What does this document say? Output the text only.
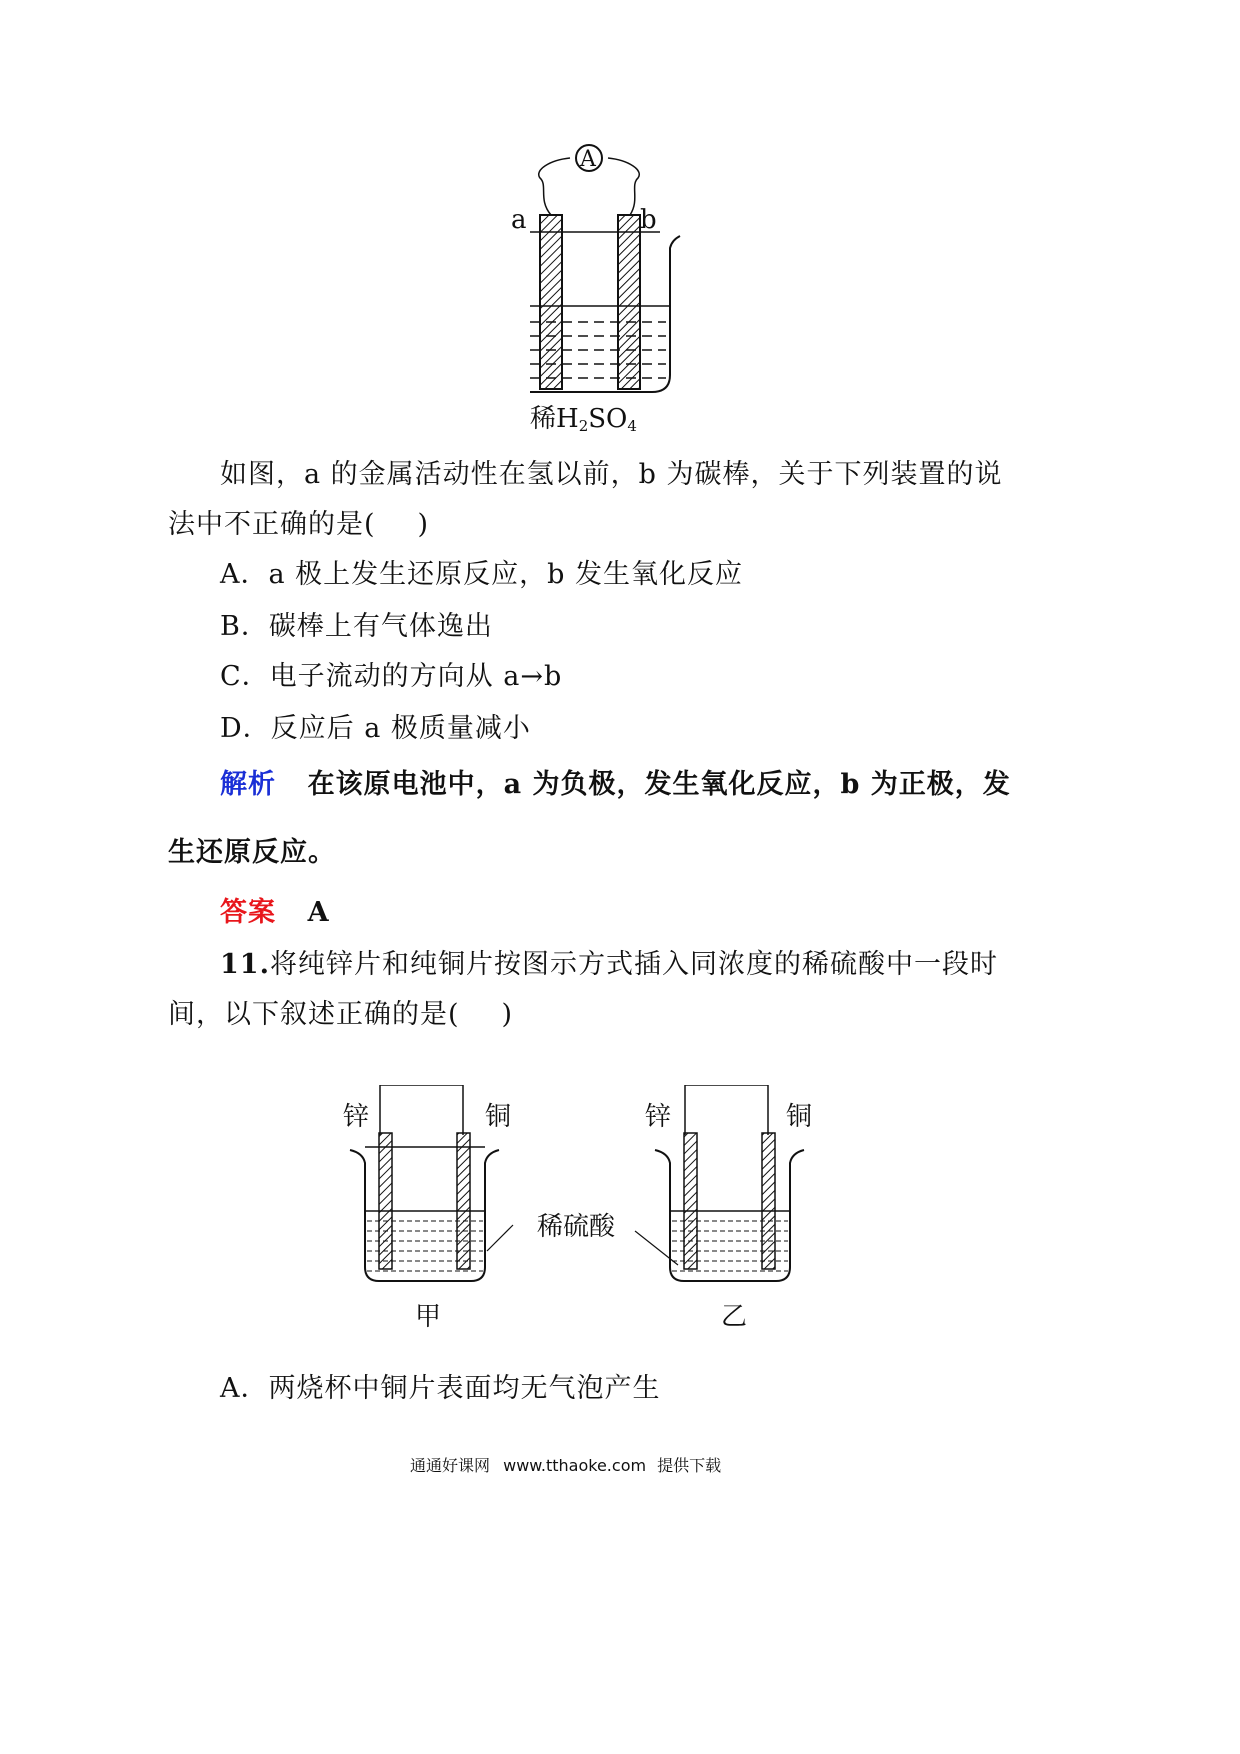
A
a	b
稀$H_2SO_4$
如图，a 的金属活动性在氢以前，b 为碳棒，关于下列装置的说
法中不正确的是( )
A．a 极上发生还原反应，b 发生氧化反应
B．碳棒上有气体逸出
C．电子流动的方向从 a→b
D．反应后 a 极质量减小
解析 在该原电池中，a 为负极，发生氧化反应，b 为正极，发
生还原反应。
答案 A
11.将纯锌片和纯铜片按图示方式插入同浓度的稀硫酸中一段时
间，以下叙述正确的是( )
锌	铜	锌	铜
稀硫酸
甲	乙
A．两烧杯中铜片表面均无气泡产生
通通好课网 www.tthaoke.com 提供下载
